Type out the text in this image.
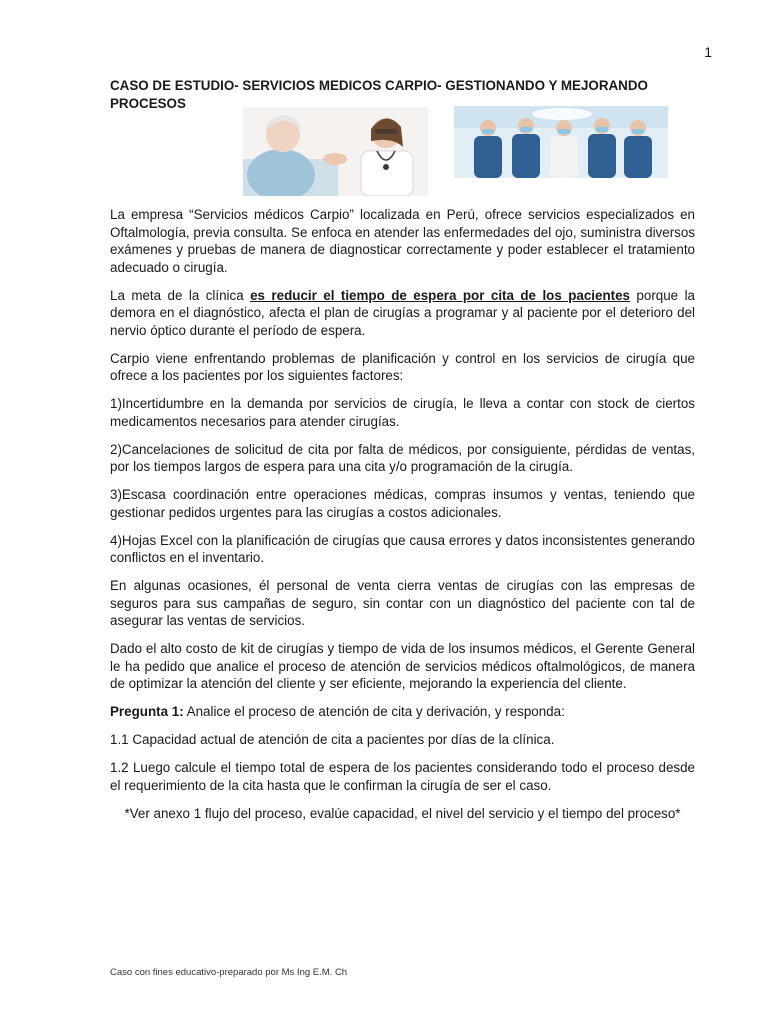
1
CASO DE ESTUDIO- SERVICIOS MEDICOS CARPIO- GESTIONANDO Y MEJORANDO PROCESOS

La empresa “Servicios médicos Carpio” localizada en Perú, ofrece servicios especializados en Oftalmología, previa consulta. Se enfoca en atender las enfermedades del ojo, suministra diversos exámenes y pruebas de manera de diagnosticar correctamente y poder establecer el tratamiento adecuado o cirugía.

La meta de la clínica es reducir el tiempo de espera por cita de los pacientes porque la demora en el diagnóstico, afecta el plan de cirugías a programar y al paciente por el deterioro del nervio óptico durante el período de espera.

Carpio viene enfrentando problemas de planificación y control en los servicios de cirugía que ofrece a los pacientes por los siguientes factores:

1)Incertidumbre en la demanda por servicios de cirugía, le lleva a contar con stock de ciertos medicamentos necesarios para atender cirugías.

2)Cancelaciones de solicitud de cita por falta de médicos, por consiguiente, pérdidas de ventas, por los tiempos largos de espera para una cita y/o programación de la cirugía.

3)Escasa coordinación entre operaciones médicas, compras insumos y ventas, teniendo que gestionar pedidos urgentes para las cirugías a costos adicionales.

4)Hojas Excel con la planificación de cirugías que causa errores y datos inconsistentes generando conflictos en el inventario.

En algunas ocasiones, él personal de venta cierra ventas de cirugías con las empresas de seguros para sus campañas de seguro, sin contar con un diagnóstico del paciente con tal de asegurar las ventas de servicios.

Dado el alto costo de kit de cirugías y tiempo de vida de los insumos médicos, el Gerente General le ha pedido que analice el proceso de atención de servicios médicos oftalmológicos, de manera de optimizar la atención del cliente y ser eficiente, mejorando la experiencia del cliente.

Pregunta 1: Analice el proceso de atención de cita y derivación, y responda:

1.1 Capacidad actual de atención de cita a pacientes por días de la clínica.

1.2 Luego calcule el tiempo total de espera de los pacientes considerando todo el proceso desde el requerimiento de la cita hasta que le confirman la cirugía de ser el caso.

*Ver anexo 1 flujo del proceso, evalúe capacidad, el nivel del servicio y el tiempo del proceso*

Caso con fines educativo-preparado por Ms Ing E.M. Ch
